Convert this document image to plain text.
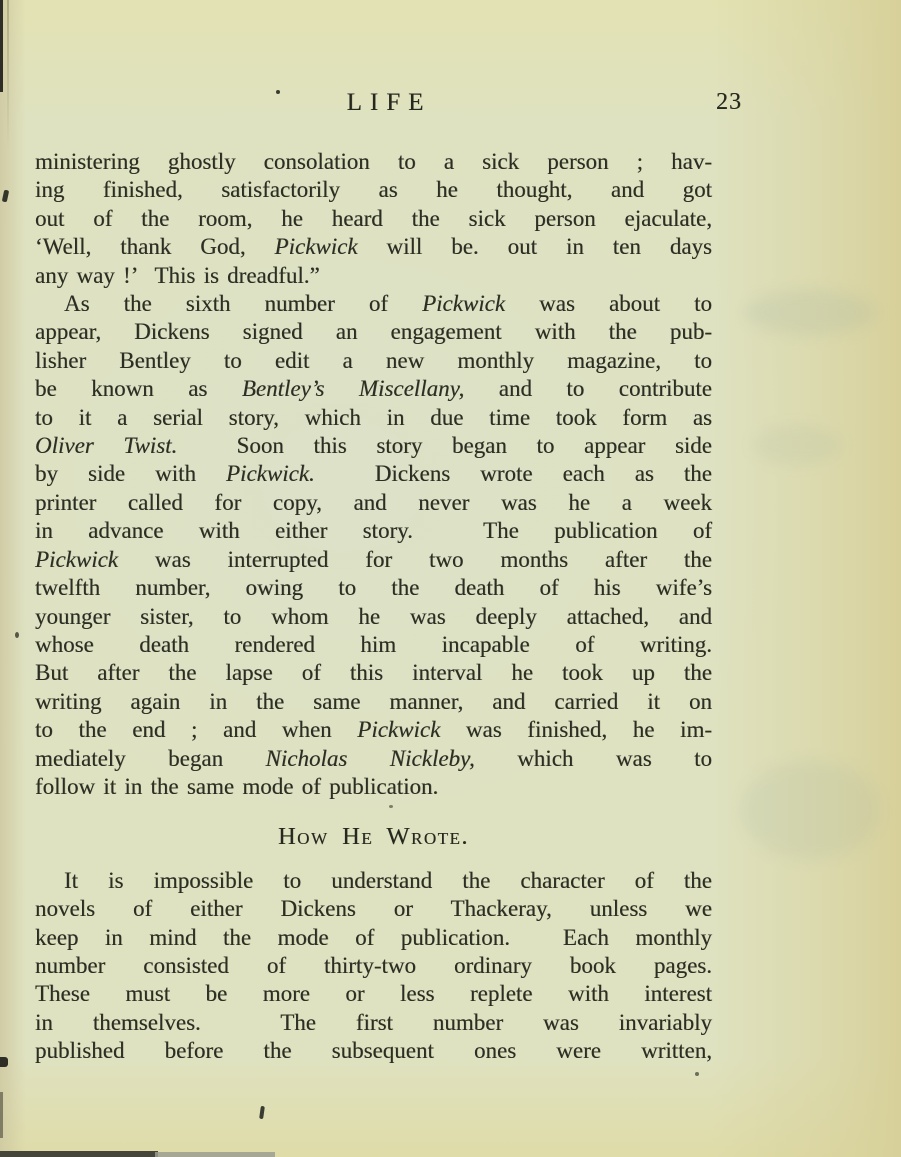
LIFE	23
ministering ghostly consolation to a sick person ; hav-
ing finished, satisfactorily as he thought, and got
out of the room, he heard the sick person ejaculate,
‘Well, thank God, Pickwick will be. out in ten days
any way !’  This is dreadful.”
As the sixth number of Pickwick was about to
appear, Dickens signed an engagement with the pub-
lisher Bentley to edit a new monthly magazine, to
be known as Bentley’s Miscellany, and to contribute
to it a serial story, which in due time took form as
Oliver Twist.  Soon this story began to appear side
by side with Pickwick.  Dickens wrote each as the
printer called for copy, and never was he a week
in advance with either story.  The publication of
Pickwick was interrupted for two months after the
twelfth number, owing to the death of his wife’s
younger sister, to whom he was deeply attached, and
whose death rendered him incapable of writing.
But after the lapse of this interval he took up the
writing again in the same manner, and carried it on
to the end ; and when Pickwick was finished, he im-
mediately began Nicholas Nickleby, which was to
follow it in the same mode of publication.
How He Wrote.
It is impossible to understand the character of the
novels of either Dickens or Thackeray, unless we
keep in mind the mode of publication.  Each monthly
number consisted of thirty-two ordinary book pages.
These must be more or less replete with interest
in themselves.  The first number was invariably
published before the subsequent ones were written,
